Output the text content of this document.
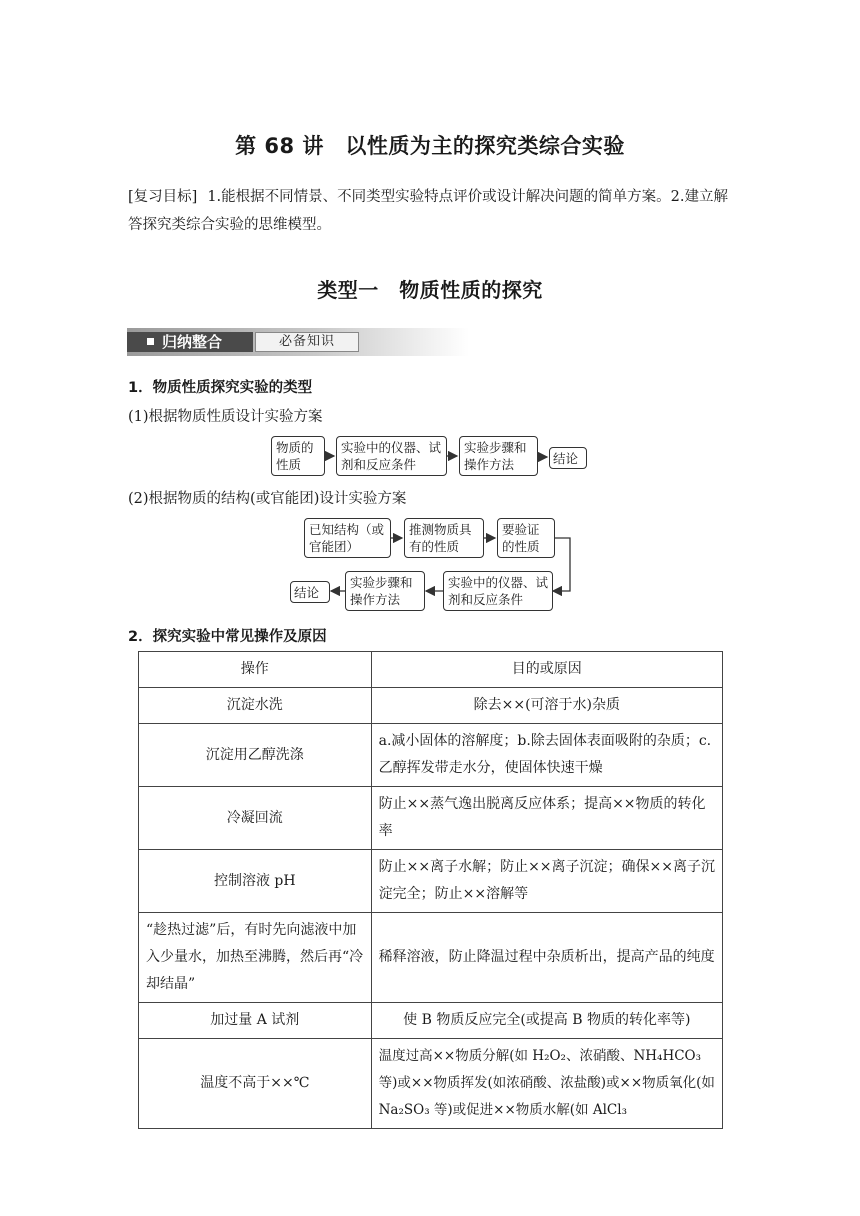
第 68 讲　以性质为主的探究类综合实验
[复习目标] 1.能根据不同情景、不同类型实验特点评价或设计解决问题的简单方案。2.建立解答探究类综合实验的思维模型。
类型一　物质性质的探究
归纳整合	必备知识
1．物质性质探究实验的类型
(1)根据物质性质设计实验方案
物质的性质
实验中的仪器、试剂和反应条件
实验步骤和操作方法	结论
(2)根据物质的结构(或官能团)设计实验方案
已知结构（或官能团）
推测物质具有的性质
要验证的性质
结论
实验步骤和操作方法
实验中的仪器、试剂和反应条件
2．探究实验中常见操作及原因
操作	目的或原因
沉淀水洗	除去××(可溶于水)杂质
沉淀用乙醇洗涤	a.减小固体的溶解度；b.除去固体表面吸附的杂质；c.乙醇挥发带走水分，使固体快速干燥
冷凝回流	防止××蒸气逸出脱离反应体系；提高××物质的转化率
控制溶液 pH	防止××离子水解；防止××离子沉淀；确保××离子沉淀完全；防止××溶解等
“趁热过滤”后，有时先向滤液中加入少量水，加热至沸腾，然后再“冷却结晶”	稀释溶液，防止降温过程中杂质析出，提高产品的纯度
加过量 A 试剂	使 B 物质反应完全(或提高 B 物质的转化率等)
温度不高于××℃	温度过高××物质分解(如 H₂O₂、浓硝酸、NH₄HCO₃等)或××物质挥发(如浓硝酸、浓盐酸)或××物质氧化(如 Na₂SO₃ 等)或促进××物质水解(如 AlCl₃
